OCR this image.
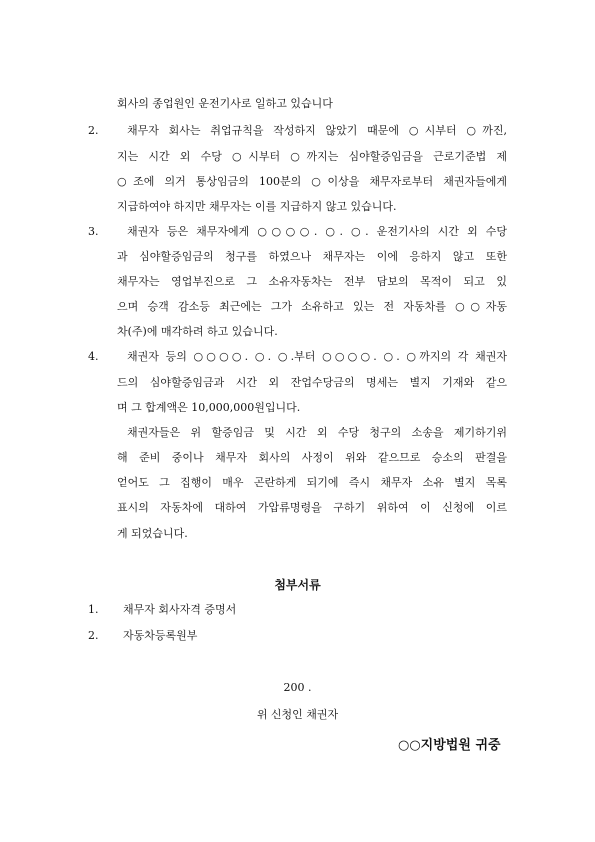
회사의 종업원인 운전기사로 일하고 있습니다
2.	채무자 회사는 취업규칙을 작성하지 않았기 때문에 ○시부터 ○까진,
지는 시간 외 수당 ○시부터 ○까지는 심야할증임금을 근로기준법 제
○조에 의거 통상임금의 100분의 ○이상을 채무자로부터 채권자들에게
지급하여야 하지만 채무자는 이를 지급하지 않고 있습니다.
3.	채권자 등은 채무자에게 ○○○○. ○. ○. 운전기사의 시간 외 수당
과 심야할증임금의 청구를 하였으나 채무자는 이에 응하지 않고 또한
채무자는 영업부진으로 그 소유자동차는 전부 담보의 목적이 되고 있
으며 승객 감소등 최근에는 그가 소유하고 있는 전 자동차를 ○○자동
차(주)에 매각하려 하고 있습니다.
4.	채권자 등의 ○○○○. ○. ○.부터 ○○○○. ○. ○까지의 각 채권자
드의 심야할증임금과 시간 외 잔업수당금의 명세는 별지 기재와 같으
며 그 합계액은 10,000,000원입니다.
채권자들은 위 할증임금 및 시간 외 수당 청구의 소송을 제기하기위
해 준비 중이나 채무자 회사의 사정이 위와 같으므로 승소의 판결을
얻어도 그 집행이 매우 곤란하게 되기에 즉시 채무자 소유 별지 목록
표시의 자동차에 대하여 가압류명령을 구하기 위하여 이 신청에 이르
게 되었습니다.
첨부서류
1. 채무자 회사자격 증명서
2. 자동차등록원부
200 .
위 신청인 채권자
○○지방법원 귀중
